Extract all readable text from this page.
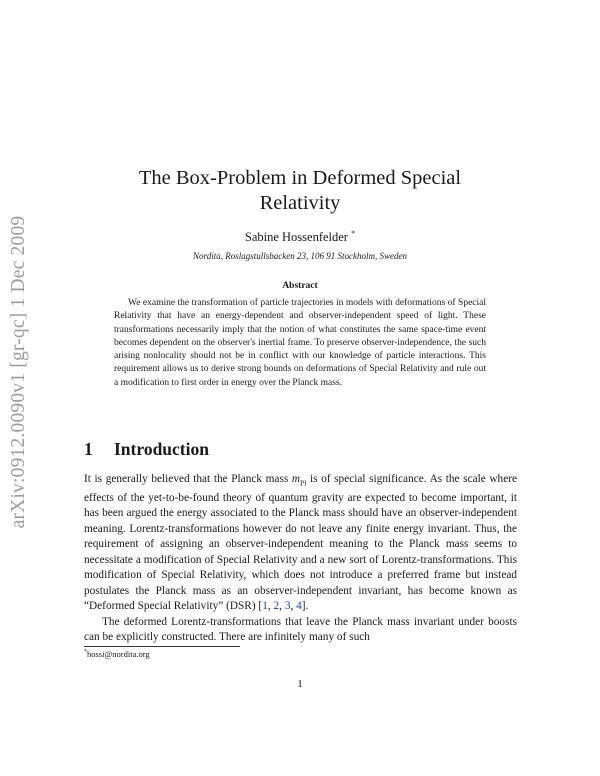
arXiv:0912.0090v1 [gr-qc] 1 Dec 2009
The Box-Problem in Deformed Special
Relativity
Sabine Hossenfelder *
Nordita, Roslagstullsbacken 23, 106 91 Stockholm, Sweden
Abstract
We examine the transformation of particle trajectories in models with deformations of Special Relativity that have an energy-dependent and observer-independent speed of light. These transformations necessarily imply that the notion of what constitutes the same space-time event becomes dependent on the observer's inertial frame. To preserve observer-independence, the such arising nonlocality should not be in conflict with our knowledge of particle interactions. This requirement allows us to derive strong bounds on deformations of Special Relativity and rule out a modification to first order in energy over the Planck mass.
1 Introduction

It is generally believed that the Planck mass $m_{Pl}$ is of special significance. As the scale where effects of the yet-to-be-found theory of quantum gravity are expected to become important, it has been argued the energy associated to the Planck mass should have an observer-independent meaning. Lorentz-transformations however do not leave any finite energy invariant. Thus, the requirement of assigning an observer-independent meaning to the Planck mass seems to necessitate a modification of Special Relativity and a new sort of Lorentz-transformations. This modification of Special Relativity, which does not introduce a preferred frame but instead postulates the Planck mass as an observer-independent invariant, has become known as “Deformed Special Relativity” (DSR) [1, 2, 3, 4].

The deformed Lorentz-transformations that leave the Planck mass invariant under boosts can be explicitly constructed. There are infinitely many of such

*hossi@nordita.org
1
